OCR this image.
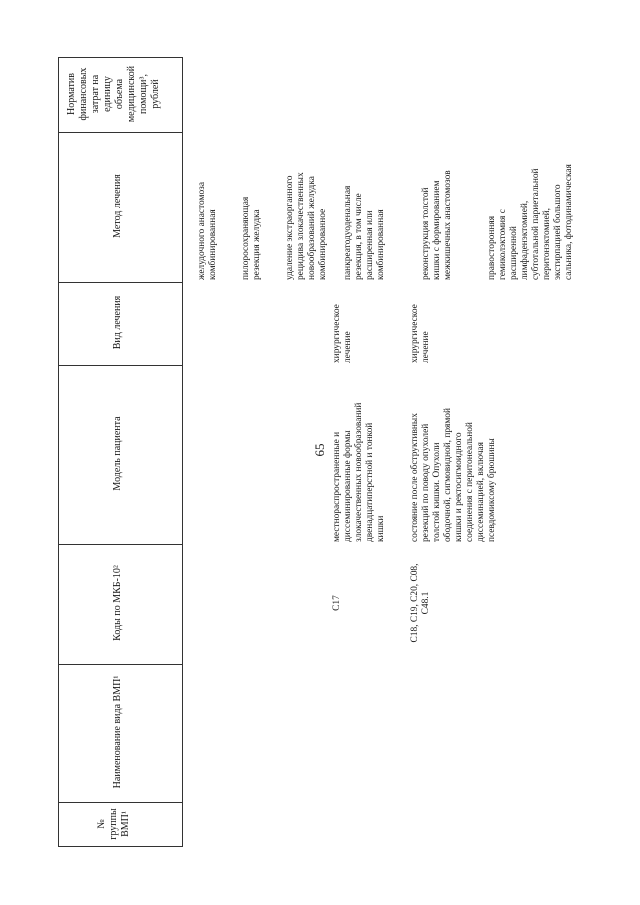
65
№
группы
ВМП¹
Наименование вида ВМП¹
Коды по МКБ-10²
Модель пациента
Вид лечения
Метод лечения
Норматив
финансовых
затрат на
единицу
объема
медицинской
помощи³,
рублей

желудочного анастомоза
комбинированная пилоросохраняющая
резекция желудка

удаление экстраорганного
рецидива злокачественных
новообразований желудка
комбинированное

C17
местнораспространенные и
диссеминированные формы
злокачественных новообразований
двенадцатиперстной и тонкой
кишки
хирургическое
лечение

панкреатодуоденальная
резекция, в том числе
расширенная или
комбинированная

C18, C19, C20, C08,
C48.1
состояние после обструктивных
резекций по поводу опухолей
толстой кишки. Опухоли
ободочной, сигмовидной, прямой
кишки и ректосигмоидного
соединения с перитонеальной
диссеминацией, включая
псевдомиксому брюшины
хирургическое
лечение

реконструкция толстой
кишки с формированием
межкишечных анастомозов

правосторонняя
гемиколэктомия с
расширенной
лимфаденэктомией,
субтотальной париетальной
перитонэктомией,
экстирпацией большого
сальника, фотодинамическая
